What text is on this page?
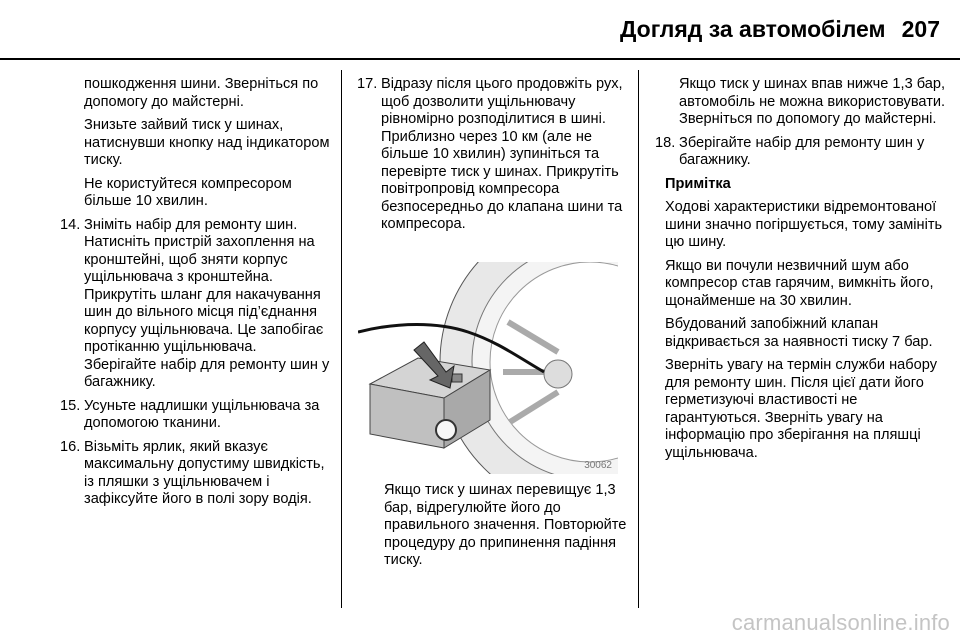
Догляд за автомобілем 207

пошкодження шини. Зверніться по допомогу до майстерні.

Знизьте зайвий тиск у шинах, натиснувши кнопку над індикатором тиску.

Не користуйтеся компресором більше 10 хвилин.

14. Зніміть набір для ремонту шин. Натисніть пристрій захоплення на кронштейні, щоб зняти корпус ущільнювача з кронштейна. Прикрутіть шланг для накачування шин до вільного місця під’єднання корпусу ущільнювача. Це запобігає протіканню ущільнювача. Зберігайте набір для ремонту шин у багажнику.
15. Усуньте надлишки ущільнювача за допомогою тканини.
16. Візьміть ярлик, який вказує максимальну допустиму швидкість, із пляшки з ущільнювачем і зафіксуйте його в полі зору водія.
17. Відразу після цього продовжіть рух, щоб дозволити ущільнювачу рівномірно розподілитися в шині. Приблизно через 10 км (але не більше 10 хвилин) зупиніться та перевірте тиск у шинах. Прикрутіть повітропровід компресора безпосередньо до клапана шини та компресора.
30062
Якщо тиск у шинах перевищує 1,3 бар, відрегулюйте його до правильного значення. Повторюйте процедуру до припинення падіння тиску.

Якщо тиск у шинах впав нижче 1,3 бар, автомобіль не можна використовувати. Зверніться по допомогу до майстерні.

18. Зберігайте набір для ремонту шин у багажнику.

Примітка

Ходові характеристики відремонтованої шини значно погіршується, тому замініть цю шину.

Якщо ви почули незвичний шум або компресор став гарячим, вимкніть його, щонайменше на 30 хвилин.

Вбудований запобіжний клапан відкривається за наявності тиску 7 бар.

Зверніть увагу на термін служби набору для ремонту шин. Після цієї дати його герметизуючі властивості не гарантуються. Зверніть увагу на інформацію про зберігання на пляшці ущільнювача.

carmanualsonline.info
